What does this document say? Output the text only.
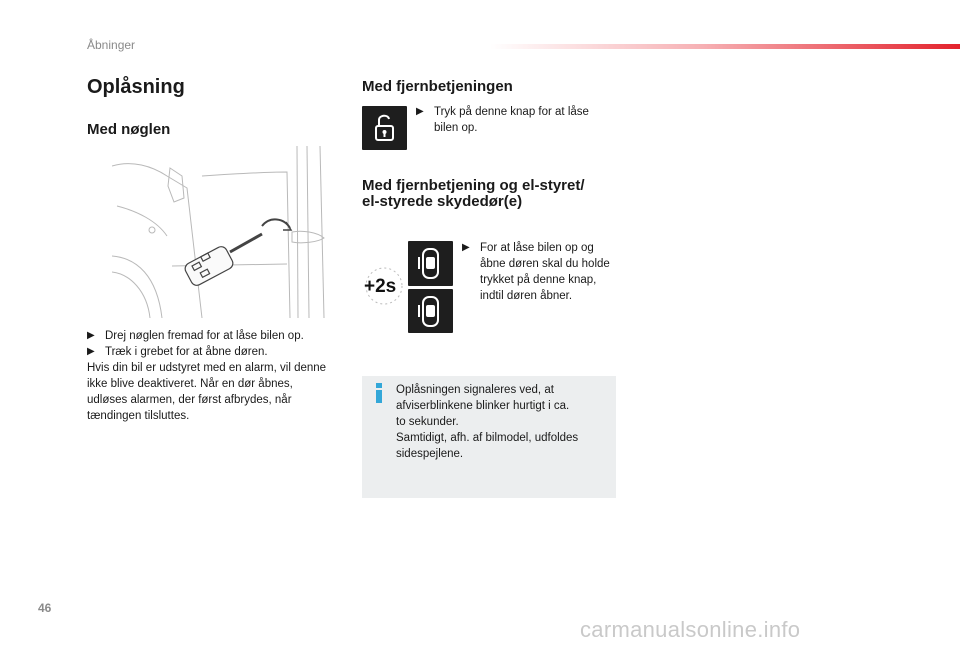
Åbninger
Oplåsning
Med nøglen
▶ Drej nøglen fremad for at låse bilen op.
▶ Træk i grebet for at åbne døren.
Hvis din bil er udstyret med en alarm, vil denne
ikke blive deaktiveret. Når en dør åbnes,
udløses alarmen, der først afbrydes, når
tændingen tilsluttes.
Med fjernbetjeningen
▶ Tryk på denne knap for at låse
bilen op.
Med fjernbetjening og el-styret/
el-styrede skydedør(e)
+2s
▶ For at låse bilen op og
åbne døren skal du holde
trykket på denne knap,
indtil døren åbner.
Oplåsningen signaleres ved, at
afviserblinkene blinker hurtigt i ca.
to sekunder.
Samtidigt, afh. af bilmodel, udfoldes
sidespejlene.
46
carmanualsonline.info
